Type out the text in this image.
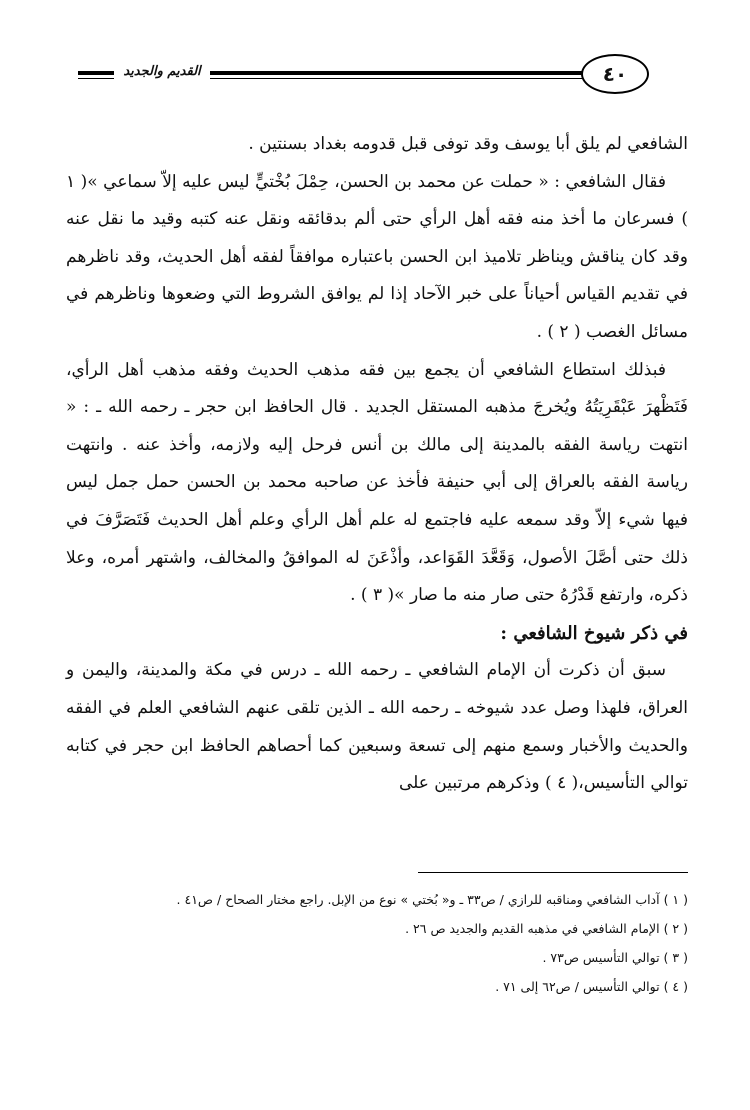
القديم والجديد	٤٠

الشافعي لم يلق أبا يوسف وقد توفى قبل قدومه بغداد بسنتين .

فقال الشافعي : « حملت عن محمد بن الحسن، حِمْلَ بُخْتيٍّ ليس عليه إلاّ سماعي »( ١ ) فسرعان ما أخذ منه فقه أهل الرأي حتى ألم بدقائقه ونقل عنه كتبه وقيد ما نقل عنه وقد كان يناقش ويناظر تلاميذ ابن الحسن باعتباره موافقاً لفقه أهل الحديث، وقد ناظرهم في تقديم القياس أحياناً على خبر الآحاد إذا لم يوافق الشروط التي وضعوها وناظرهم في مسائل الغصب ( ٢ ) .

فبذلك استطاع الشافعي أن يجمع بين فقه مذهب الحديث وفقه مذهب أهل الرأي، فَتَظْهرَ عَبْقَرِيَتُهُ ويُخرجَ مذهبه المستقل الجديد . قال الحافظ ابن حجر ـ رحمه الله ـ : « انتهت رياسة الفقه بالمدينة إلى مالك بن أنس فرحل إليه ولازمه، وأخذ عنه . وانتهت رياسة الفقه بالعراق إلى أبي حنيفة فأخذ عن صاحبه محمد بن الحسن حمل جمل ليس فيها شيء إلاّ وقد سمعه عليه فاجتمع له علم أهل الرأي وعلم أهل الحديث فَتَصَرَّفَ في ذلك حتى أصَّلَ الأصول، وَقَعَّدَ القَوَاعد، وأذْعَنَ له الموافقُ والمخالف، واشتهر أمره، وعلا ذكره، وارتفع قَدْرُهُ حتى صار منه ما صار »( ٣ ) .

في ذكر شيوخ الشافعي :

سبق أن ذكرت أن الإمام الشافعي ـ رحمه الله ـ درس في مكة والمدينة، واليمن و العراق، فلهذا وصل عدد شيوخه ـ رحمه الله ـ الذين تلقى عنهم الشافعي العلم في الفقه والحديث والأخبار وسمع منهم إلى تسعة وسبعين كما أحصاهم الحافظ ابن حجر في كتابه توالي التأسيس،( ٤ ) وذكرهم مرتبين على

( ١ ) آداب الشافعي ومناقبه للرازي / ص٣٣ ـ و« بُختي » نوع من الإبل. راجع مختار الصحاح / ص٤١ .
( ٢ ) الإمام الشافعي في مذهبه القديم والجديد ص ٢٦ .
( ٣ ) توالي التأسيس ص٧٣ .
( ٤ ) توالي التأسيس / ص٦٢ إلى ٧١ .
